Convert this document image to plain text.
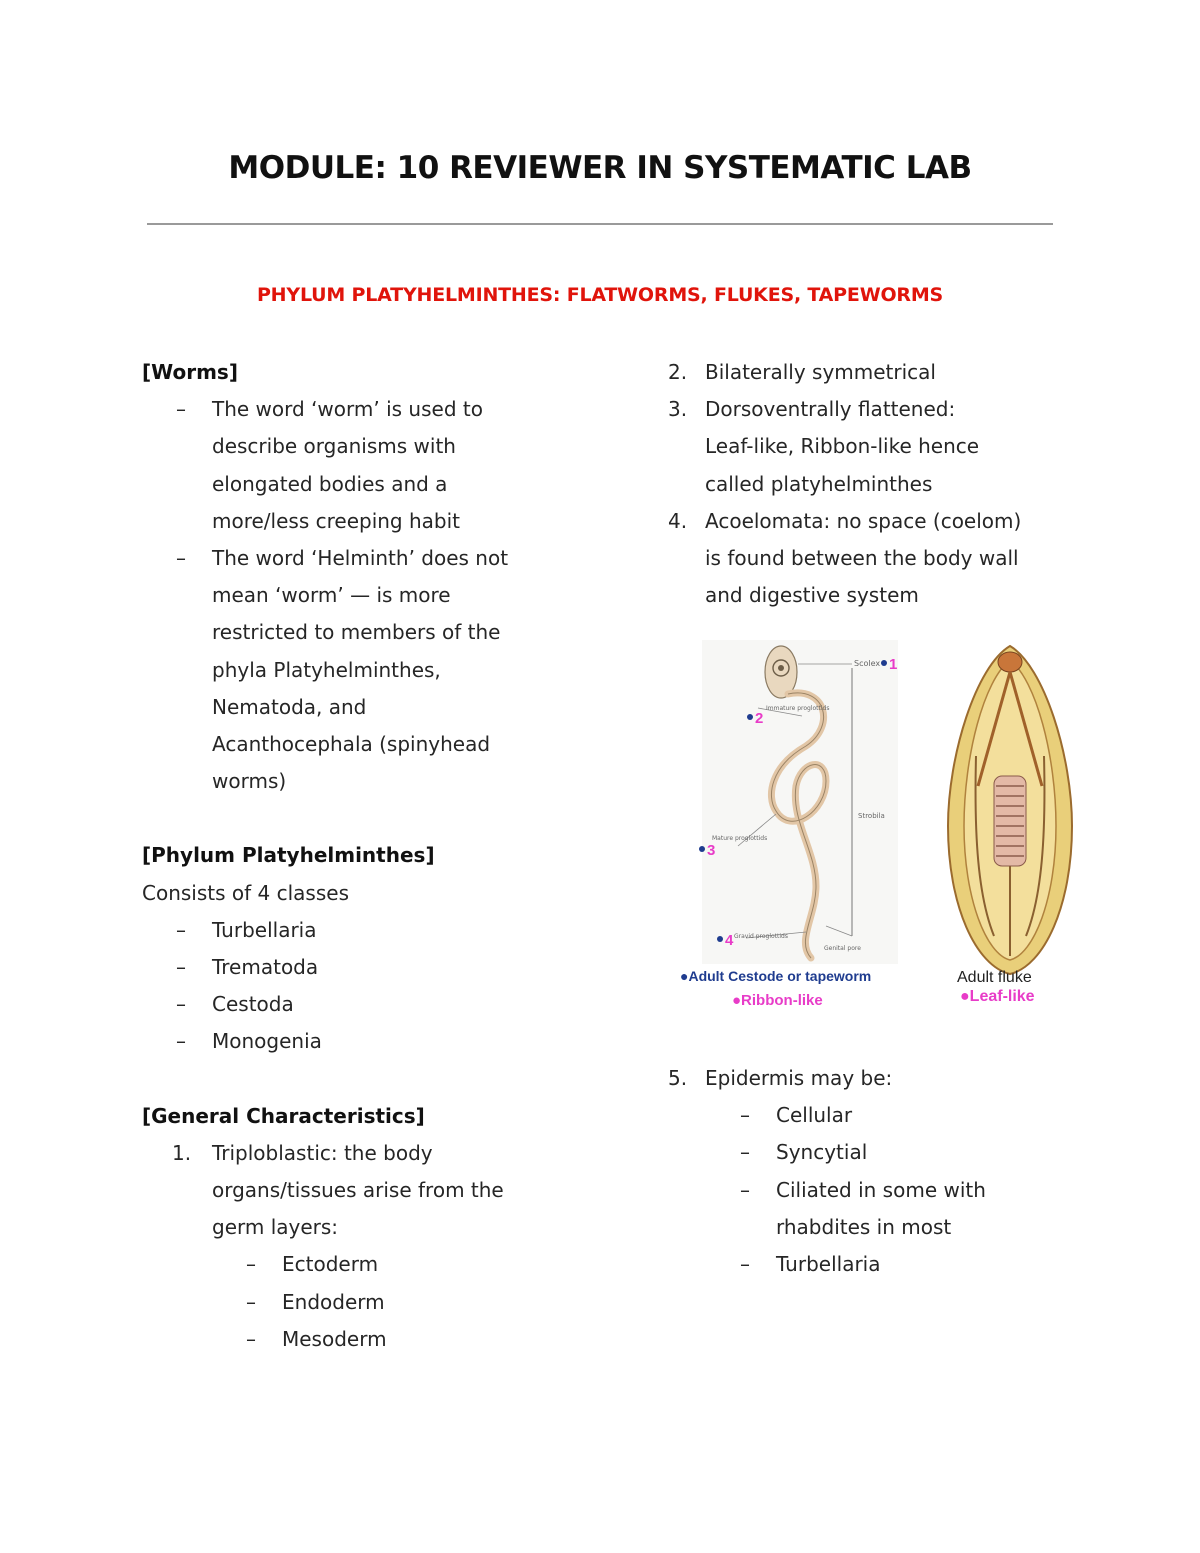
MODULE: 10 REVIEWER IN SYSTEMATIC LAB
PHYLUM PLATYHELMINTHES: FLATWORMS, FLUKES, TAPEWORMS
[Worms]
– The word ‘worm’ is used to
describe organisms with
elongated bodies and a
more/less creeping habit
– The word ‘Helminth’ does not
mean ‘worm’ — is more
restricted to members of the
phyla Platyhelminthes,
Nematoda, and
Acanthocephala (spinyhead
worms)
[Phylum Platyhelminthes]
Consists of 4 classes
– Turbellaria
– Trematoda
– Cestoda
– Monogenia
[General Characteristics]
1. Triploblastic: the body
organs/tissues arise from the
germ layers:
– Ectoderm
– Endoderm
– Mesoderm
2. Bilaterally symmetrical
3. Dorsoventrally flattened:
Leaf-like, Ribbon-like hence
called platyhelminthes
4. Acoelomata: no space (coelom)
is found between the body wall
and digestive system
Scolex
Strobila
Immature proglottids
Mature proglottids
Gravid proglottids
Genital pore
1
2
3
4
●Adult Cestode or tapeworm
●Ribbon-like
Adult fluke
●Leaf-like
5. Epidermis may be:
– Cellular
– Syncytial
– Ciliated in some with
rhabdites in most
– Turbellaria
